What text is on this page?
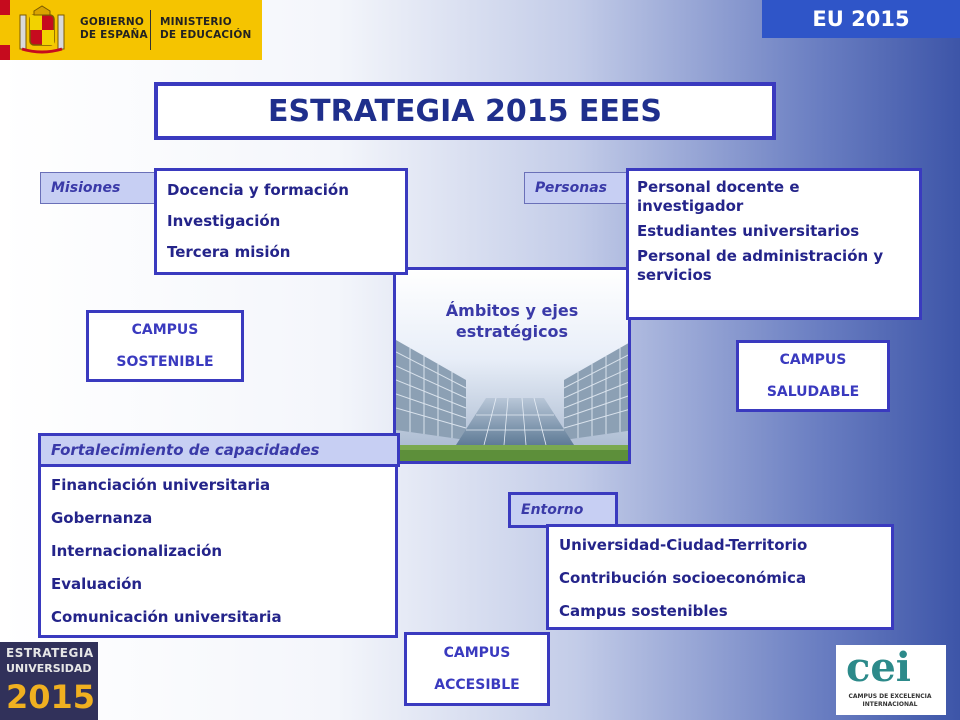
GOBIERNO
DE ESPAÑA
MINISTERIO
DE EDUCACIÓN
EU 2015
ESTRATEGIA 2015 EEES
Ámbitos y ejes
estratégicos
Misiones	Docencia y formación
Investigación
Tercera misión
Personas	Personal docente e investigador
Estudiantes universitarios
Personal de administración y servicios
CAMPUS
SOSTENIBLE	CAMPUS
SALUDABLE
Fortalecimiento de capacidades
Financiación universitaria
Gobernanza
Internacionalización
Evaluación
Comunicación universitaria
Entorno
Universidad-Ciudad-Territorio
Contribución socioeconómica
Campus sostenibles
CAMPUS
ACCESIBLE
ESTRATEGIA
UNIVERSIDAD
2015
cei
CAMPUS DE EXCELENCIA
INTERNACIONAL
